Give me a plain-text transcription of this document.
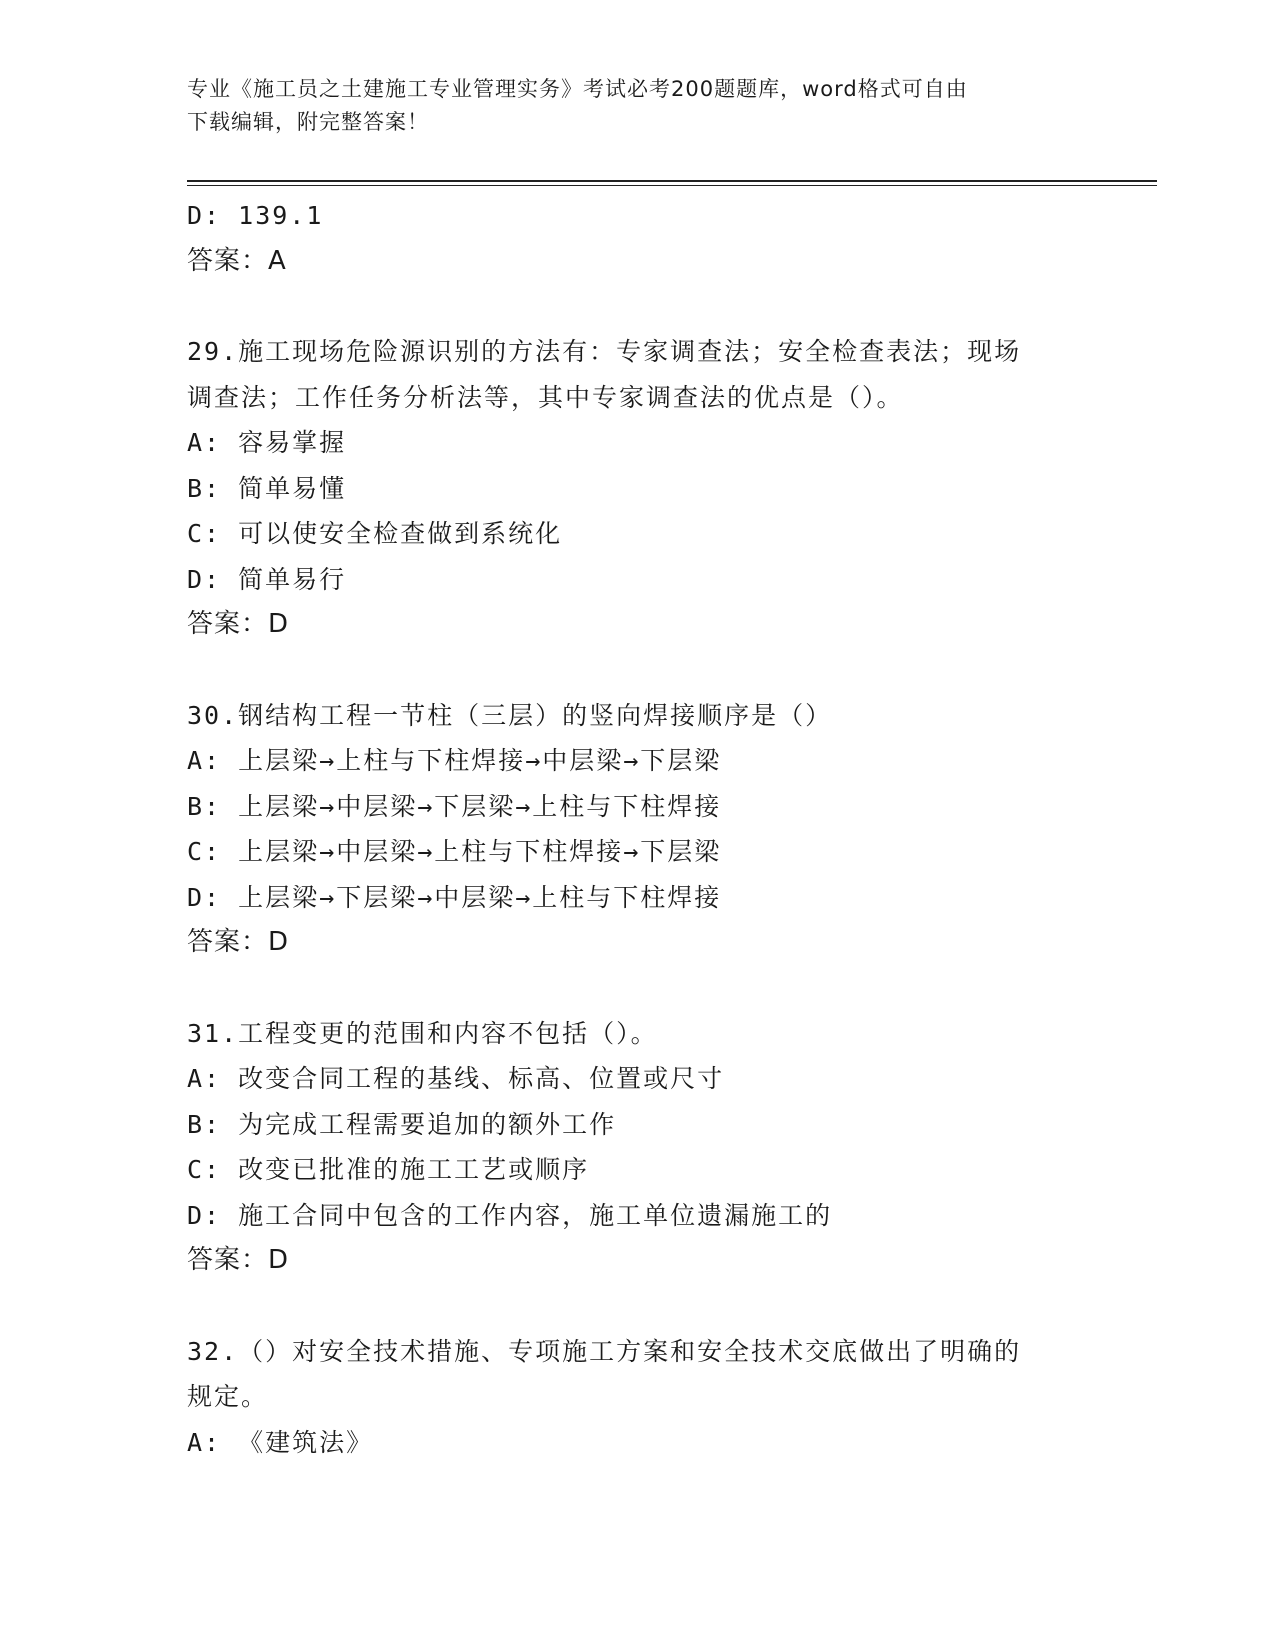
专业《施工员之土建施工专业管理实务》考试必考200题题库，word格式可自由
下载编辑，附完整答案！
D: 139.1
答案：A
29.施工现场危险源识别的方法有：专家调查法；安全检查表法；现场
调查法；工作任务分析法等，其中专家调查法的优点是（）。
A: 容易掌握
B: 简单易懂
C: 可以使安全检查做到系统化
D: 简单易行
答案：D
30.钢结构工程一节柱（三层）的竖向焊接顺序是（）
A: 上层梁→上柱与下柱焊接→中层梁→下层梁
B: 上层梁→中层梁→下层梁→上柱与下柱焊接
C: 上层梁→中层梁→上柱与下柱焊接→下层梁
D: 上层梁→下层梁→中层梁→上柱与下柱焊接
答案：D
31.工程变更的范围和内容不包括（）。
A: 改变合同工程的基线、标高、位置或尺寸
B: 为完成工程需要追加的额外工作
C: 改变已批准的施工工艺或顺序
D: 施工合同中包含的工作内容，施工单位遗漏施工的
答案：D
32.（）对安全技术措施、专项施工方案和安全技术交底做出了明确的
规定。
A: 《建筑法》
